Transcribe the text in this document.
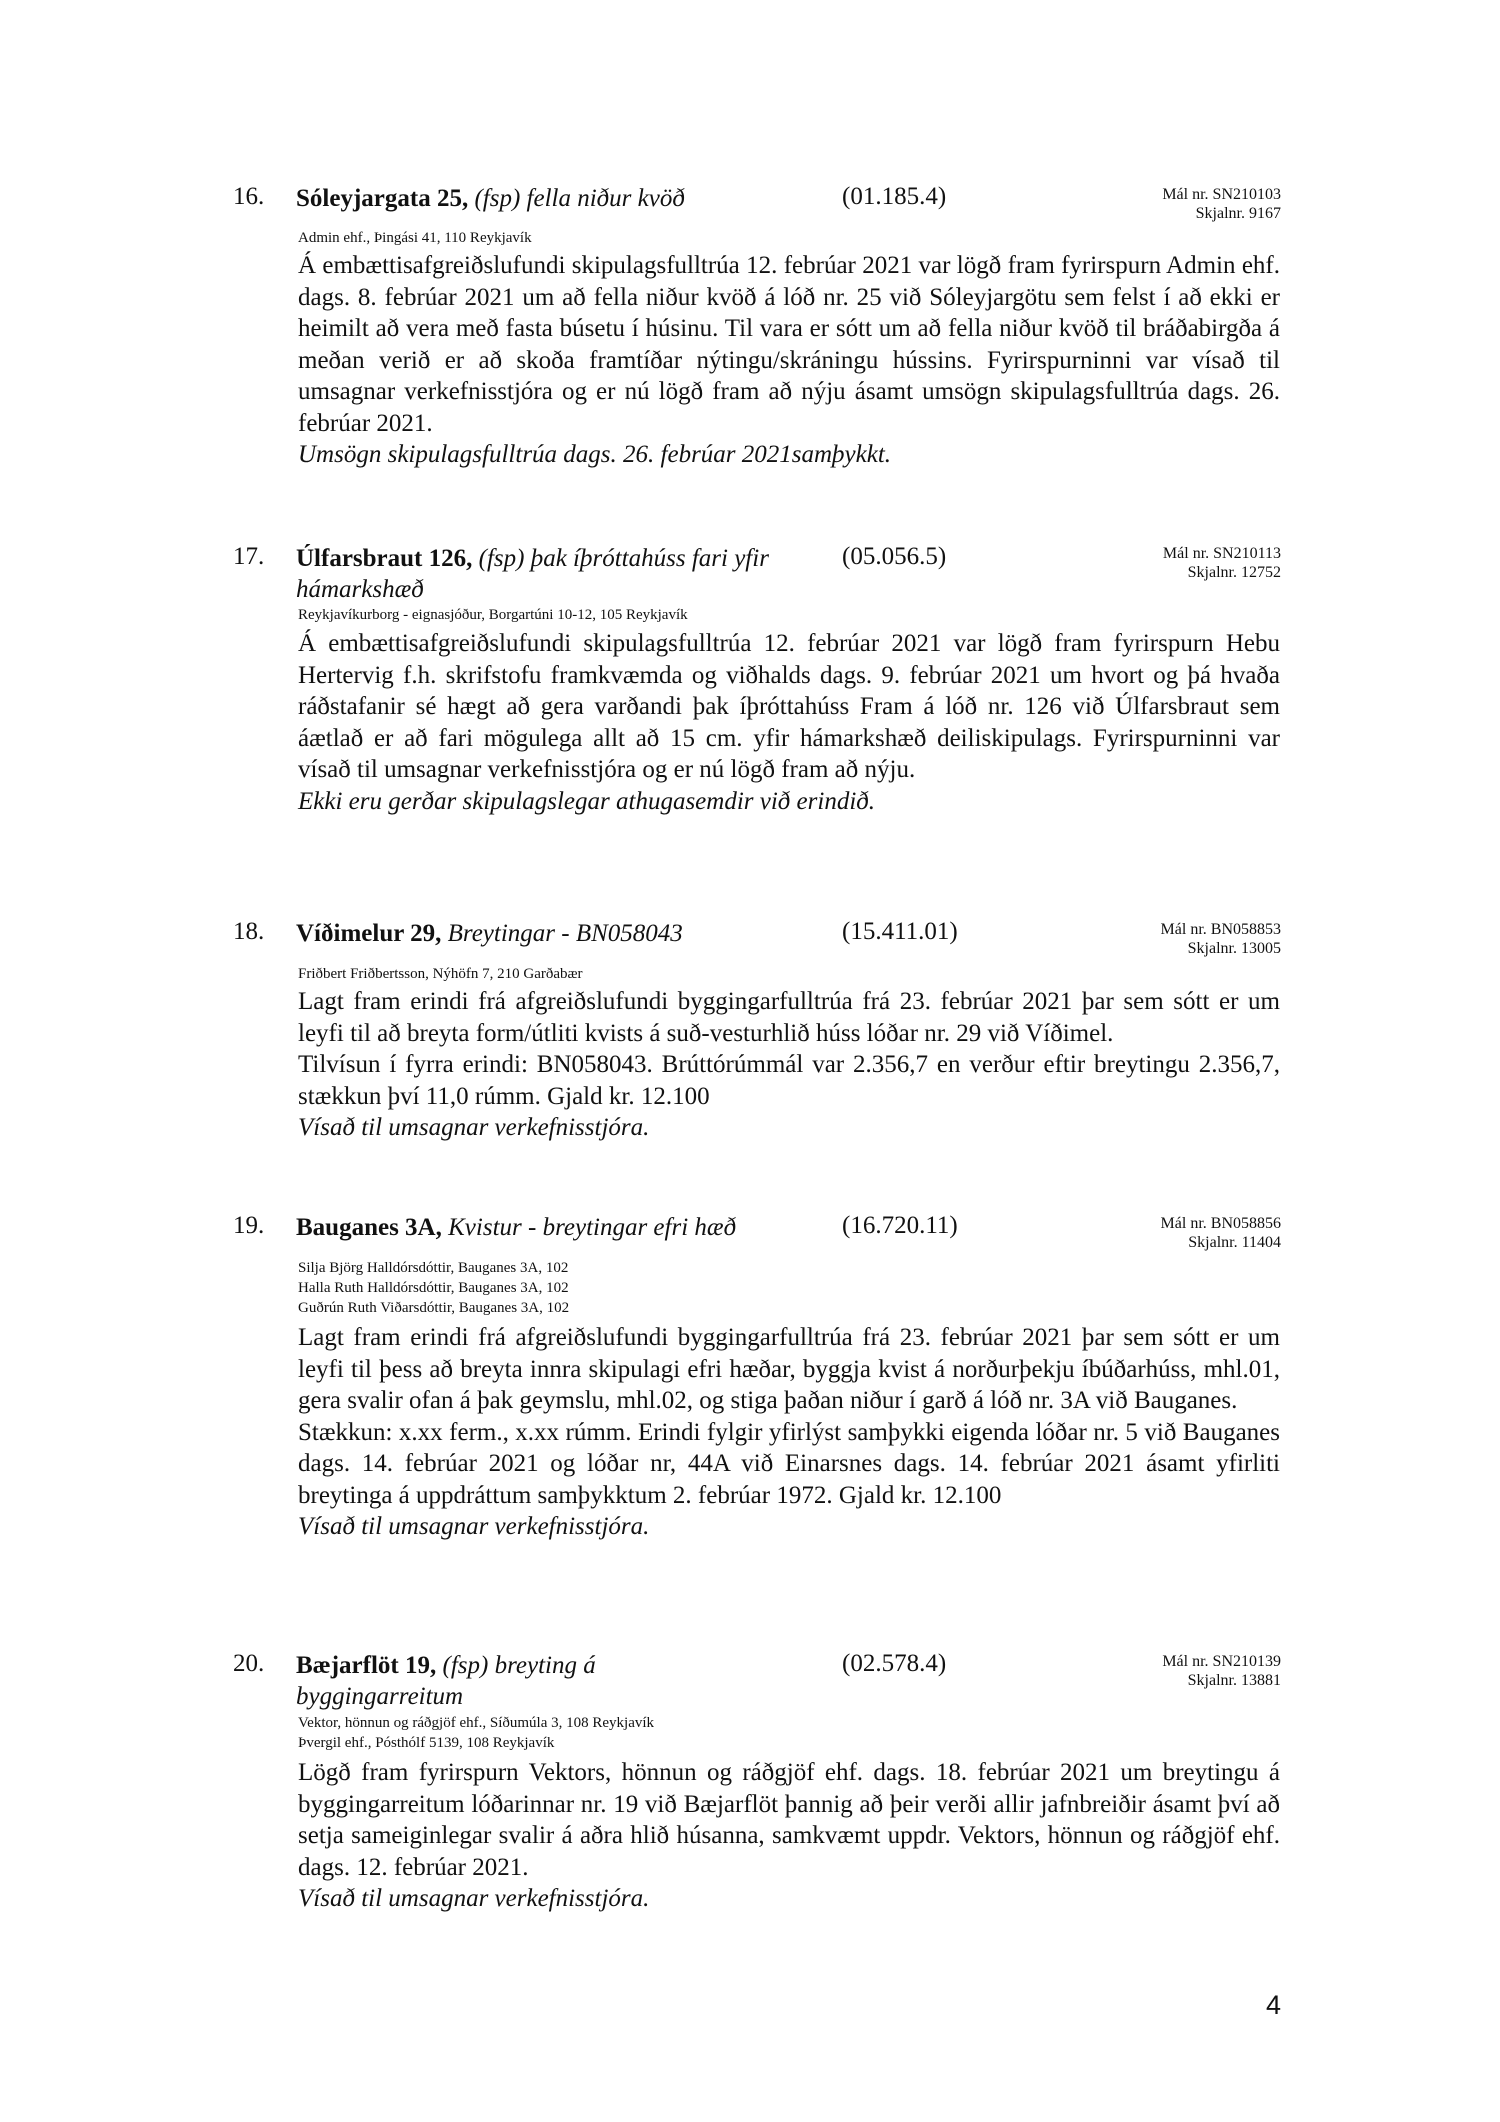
16. Sóleyjargata 25, (fsp) fella niður kvöð	(01.185.4)	Mál nr. SN210103
Skjalnr. 9167
Admin ehf., Þingási 41, 110 Reykjavík

Á embættisafgreiðslufundi skipulagsfulltrúa 12. febrúar 2021 var lögð fram fyrirspurn Admin ehf. dags. 8. febrúar 2021 um að fella niður kvöð á lóð nr. 25 við Sóleyjargötu sem felst í að ekki er heimilt að vera með fasta búsetu í húsinu. Til vara er sótt um að fella niður kvöð til bráðabirgða á meðan verið er að skoða framtíðar nýtingu/skráningu hússins. Fyrirspurninni var vísað til umsagnar verkefnisstjóra og er nú lögð fram að nýju ásamt umsögn skipulagsfulltrúa dags. 26. febrúar 2021.

Umsögn skipulagsfulltrúa dags. 26. febrúar 2021samþykkt.

17. Úlfarsbraut 126, (fsp) þak íþróttahúss fari yfir hámarkshæð
(05.056.5)	Mál nr. SN210113
Skjalnr. 12752
Reykjavíkurborg - eignasjóður, Borgartúni 10-12, 105 Reykjavík

Á embættisafgreiðslufundi skipulagsfulltrúa 12. febrúar 2021 var lögð fram fyrirspurn Hebu Hertervig f.h. skrifstofu framkvæmda og viðhalds dags. 9. febrúar 2021 um hvort og þá hvaða ráðstafanir sé hægt að gera varðandi þak íþróttahúss Fram á lóð nr. 126 við Úlfarsbraut sem áætlað er að fari mögulega allt að 15 cm. yfir hámarkshæð deiliskipulags. Fyrirspurninni var vísað til umsagnar verkefnisstjóra og er nú lögð fram að nýju.

Ekki eru gerðar skipulagslegar athugasemdir við erindið.

18. Víðimelur 29, Breytingar - BN058043	(15.411.01)	Mál nr. BN058853
Skjalnr. 13005
Friðbert Friðbertsson, Nýhöfn 7, 210 Garðabær

Lagt fram erindi frá afgreiðslufundi byggingarfulltrúa frá 23. febrúar 2021 þar sem sótt er um leyfi til að breyta form/útliti kvists á suð-vesturhlið húss lóðar nr. 29 við Víðimel.

Tilvísun í fyrra erindi: BN058043. Brúttórúmmál var 2.356,7 en verður eftir breytingu 2.356,7, stækkun því 11,0 rúmm. Gjald kr. 12.100

Vísað til umsagnar verkefnisstjóra.

19. Bauganes 3A, Kvistur - breytingar efri hæð	(16.720.11)	Mál nr. BN058856
Skjalnr. 11404
Silja Björg Halldórsdóttir, Bauganes 3A, 102
Halla Ruth Halldórsdóttir, Bauganes 3A, 102
Guðrún Ruth Viðarsdóttir, Bauganes 3A, 102

Lagt fram erindi frá afgreiðslufundi byggingarfulltrúa frá 23. febrúar 2021 þar sem sótt er um leyfi til þess að breyta innra skipulagi efri hæðar, byggja kvist á norðurþekju íbúðarhúss, mhl.01, gera svalir ofan á þak geymslu, mhl.02, og stiga þaðan niður í garð á lóð nr. 3A við Bauganes.

Stækkun: x.xx ferm., x.xx rúmm. Erindi fylgir yfirlýst samþykki eigenda lóðar nr. 5 við Bauganes dags. 14. febrúar 2021 og lóðar nr, 44A við Einarsnes dags. 14. febrúar 2021 ásamt yfirliti breytinga á uppdráttum samþykktum 2. febrúar 1972. Gjald kr. 12.100

Vísað til umsagnar verkefnisstjóra.

20. Bæjarflöt 19, (fsp) breyting á byggingarreitum
(02.578.4)	Mál nr. SN210139
Skjalnr. 13881
Vektor, hönnun og ráðgjöf ehf., Síðumúla 3, 108 Reykjavík
Þvergil ehf., Pósthólf 5139, 108 Reykjavík

Lögð fram fyrirspurn Vektors, hönnun og ráðgjöf ehf. dags. 18. febrúar 2021 um breytingu á byggingarreitum lóðarinnar nr. 19 við Bæjarflöt þannig að þeir verði allir jafnbreiðir ásamt því að setja sameiginlegar svalir á aðra hlið húsanna, samkvæmt uppdr. Vektors, hönnun og ráðgjöf ehf. dags. 12. febrúar 2021.

Vísað til umsagnar verkefnisstjóra.

4
